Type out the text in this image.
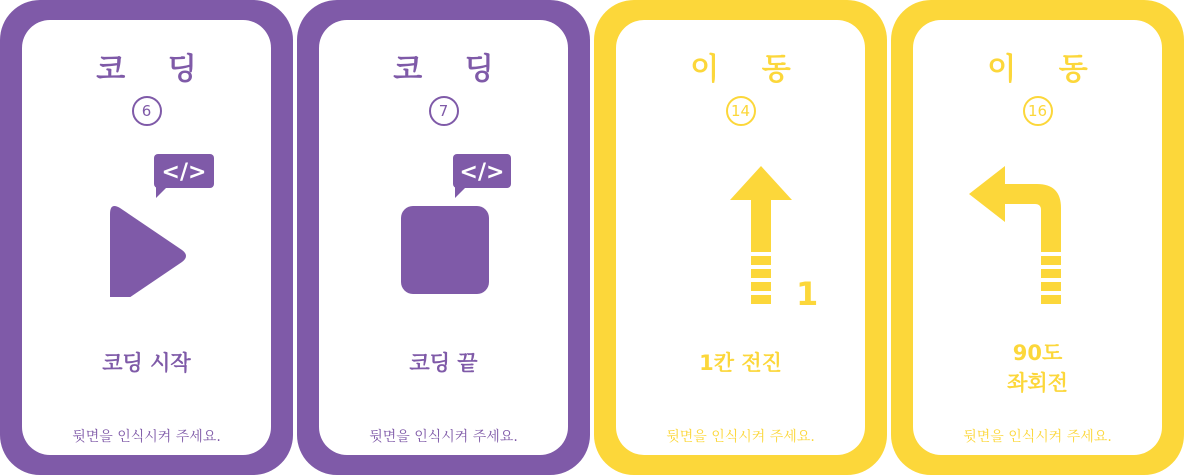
코 딩
6
</>
코딩 시작
뒷면을 인식시켜 주세요.
코 딩
7
</>
코딩 끝
뒷면을 인식시켜 주세요.
이 동
14
1
1칸 전진
뒷면을 인식시켜 주세요.
이 동
16
90도
좌회전
뒷면을 인식시켜 주세요.
